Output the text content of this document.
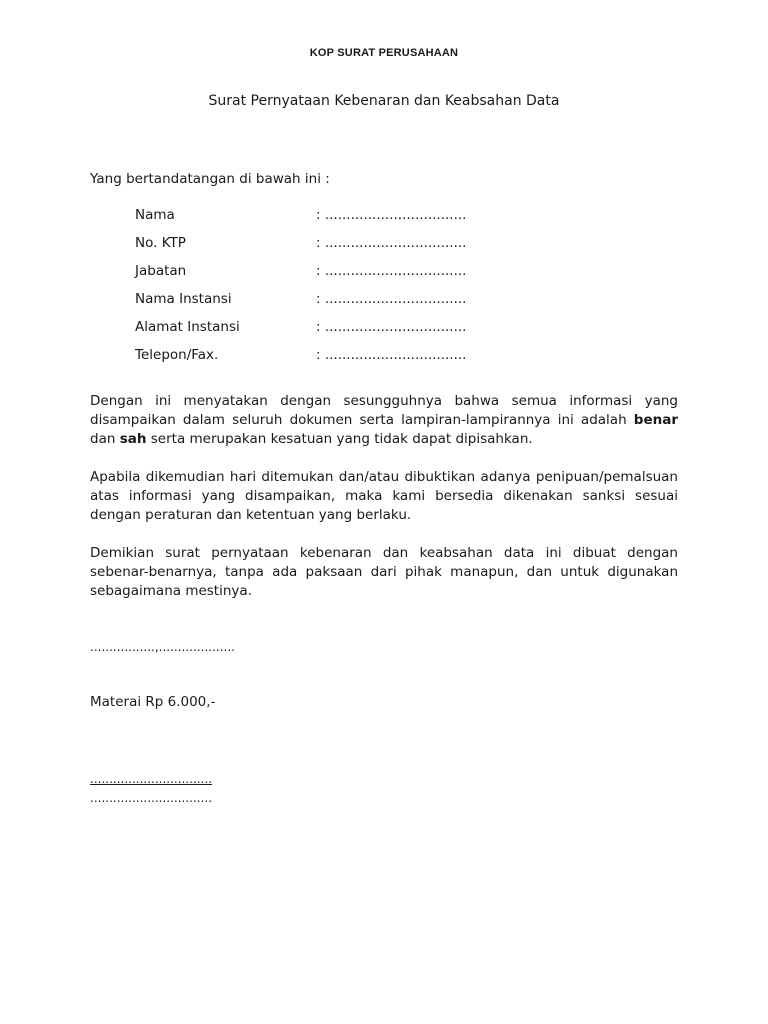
KOP SURAT PERUSAHAAN
Surat Pernyataan Kebenaran dan Keabsahan Data
Yang bertandatangan di bawah ini :
Nama	: .................................
No. KTP	: .................................
Jabatan	: .................................
Nama Instansi	: .................................
Alamat Instansi	: .................................
Telepon/Fax.	: .................................

Dengan ini menyatakan dengan sesungguhnya bahwa semua informasi yang disampaikan dalam seluruh dokumen serta lampiran-lampirannya ini adalah benar dan sah serta merupakan kesatuan yang tidak dapat dipisahkan.

Apabila dikemudian hari ditemukan dan/atau dibuktikan adanya penipuan/pemalsuan atas informasi yang disampaikan, maka kami bersedia dikenakan sanksi sesuai dengan peraturan dan ketentuan yang berlaku.

Demikian surat pernyataan kebenaran dan keabsahan data ini dibuat dengan sebenar-benarnya, tanpa ada paksaan dari pihak manapun, dan untuk digunakan sebagaimana mestinya.

.................,....................
Materai Rp 6.000,-
................................
................................
